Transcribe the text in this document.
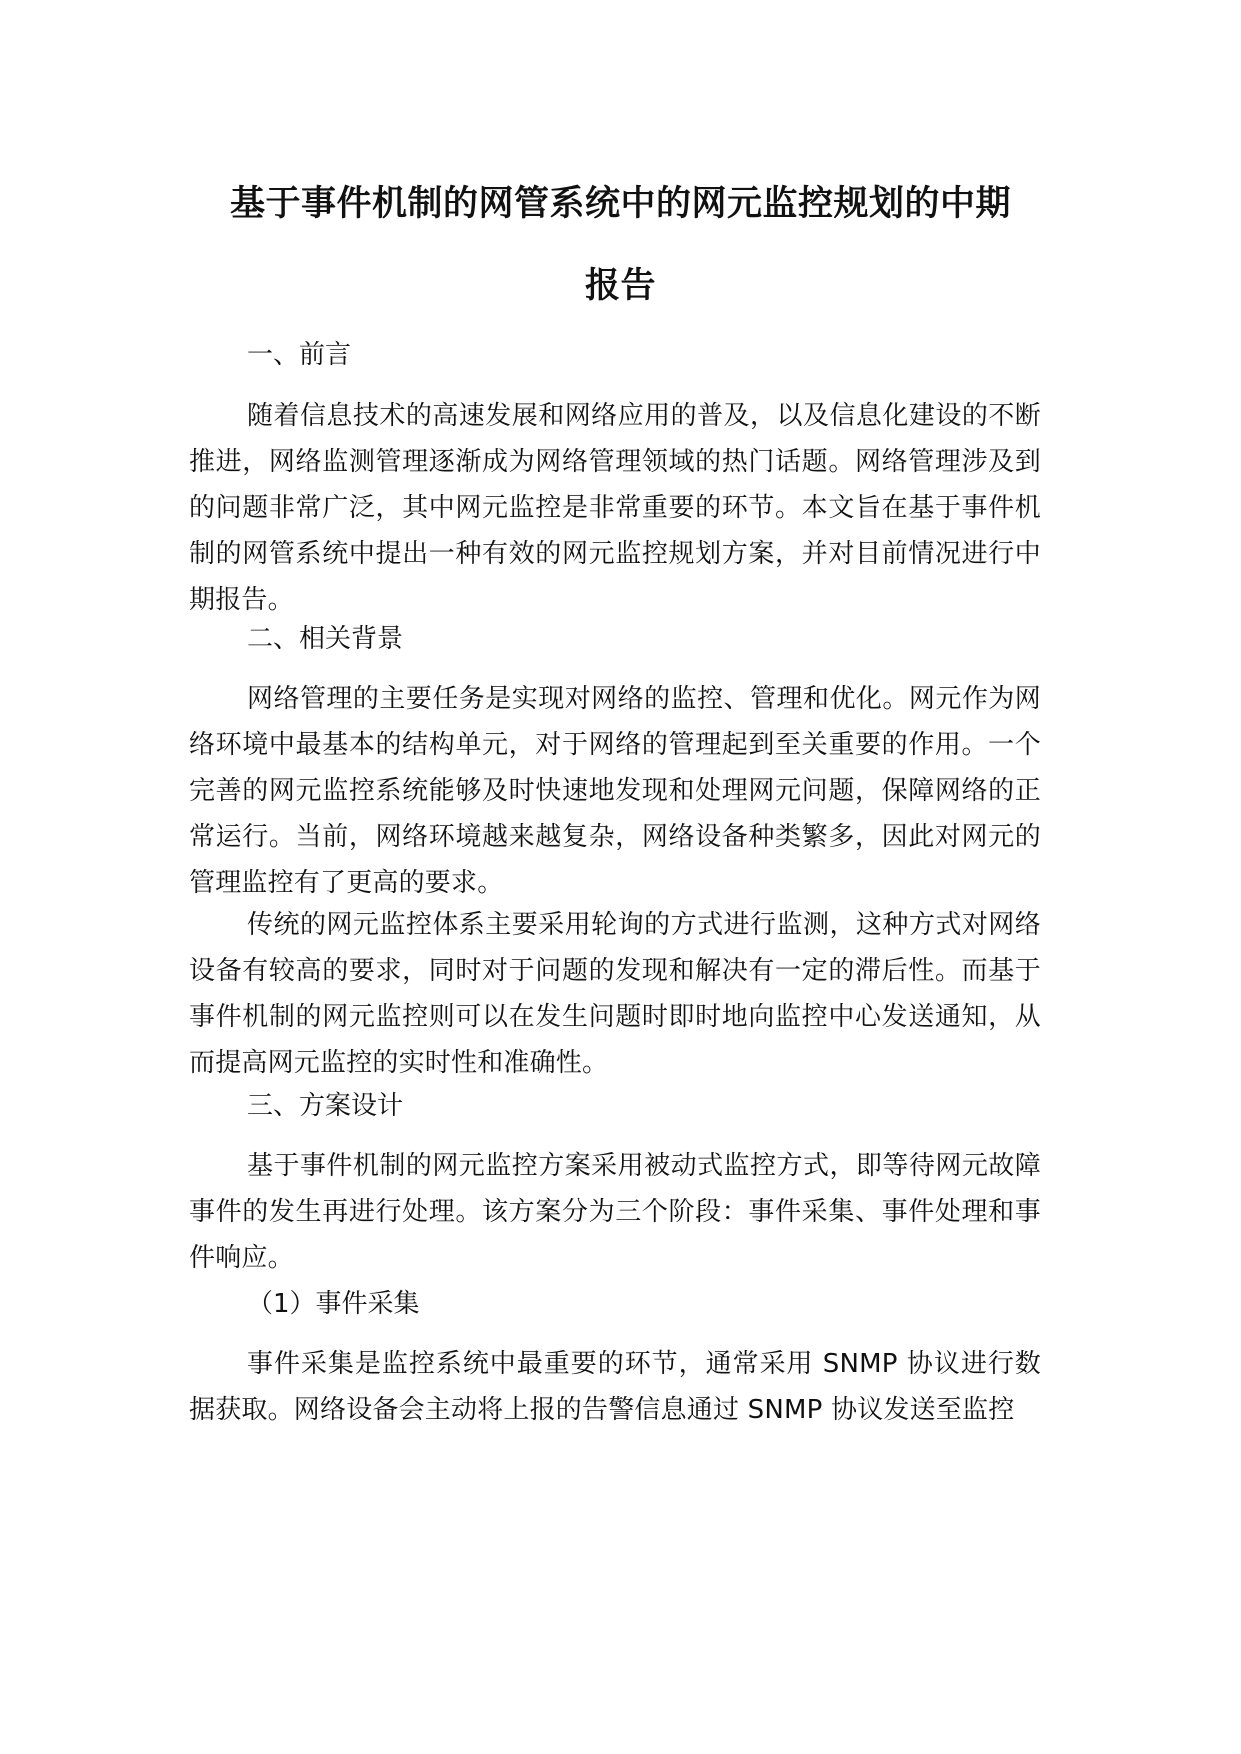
基于事件机制的网管系统中的网元监控规划的中期
报告
一、前言
随着信息技术的高速发展和网络应用的普及，以及信息化建设的不断推进，网络监测管理逐渐成为网络管理领域的热门话题。网络管理涉及到的问题非常广泛，其中网元监控是非常重要的环节。本文旨在基于事件机制的网管系统中提出一种有效的网元监控规划方案，并对目前情况进行中期报告。
二、相关背景
网络管理的主要任务是实现对网络的监控、管理和优化。网元作为网络环境中最基本的结构单元，对于网络的管理起到至关重要的作用。一个完善的网元监控系统能够及时快速地发现和处理网元问题，保障网络的正常运行。当前，网络环境越来越复杂，网络设备种类繁多，因此对网元的管理监控有了更高的要求。
传统的网元监控体系主要采用轮询的方式进行监测，这种方式对网络设备有较高的要求，同时对于问题的发现和解决有一定的滞后性。而基于事件机制的网元监控则可以在发生问题时即时地向监控中心发送通知，从而提高网元监控的实时性和准确性。
三、方案设计
基于事件机制的网元监控方案采用被动式监控方式，即等待网元故障事件的发生再进行处理。该方案分为三个阶段：事件采集、事件处理和事件响应。
（1）事件采集
事件采集是监控系统中最重要的环节，通常采用 SNMP 协议进行数据获取。网络设备会主动将上报的告警信息通过 SNMP 协议发送至监控
